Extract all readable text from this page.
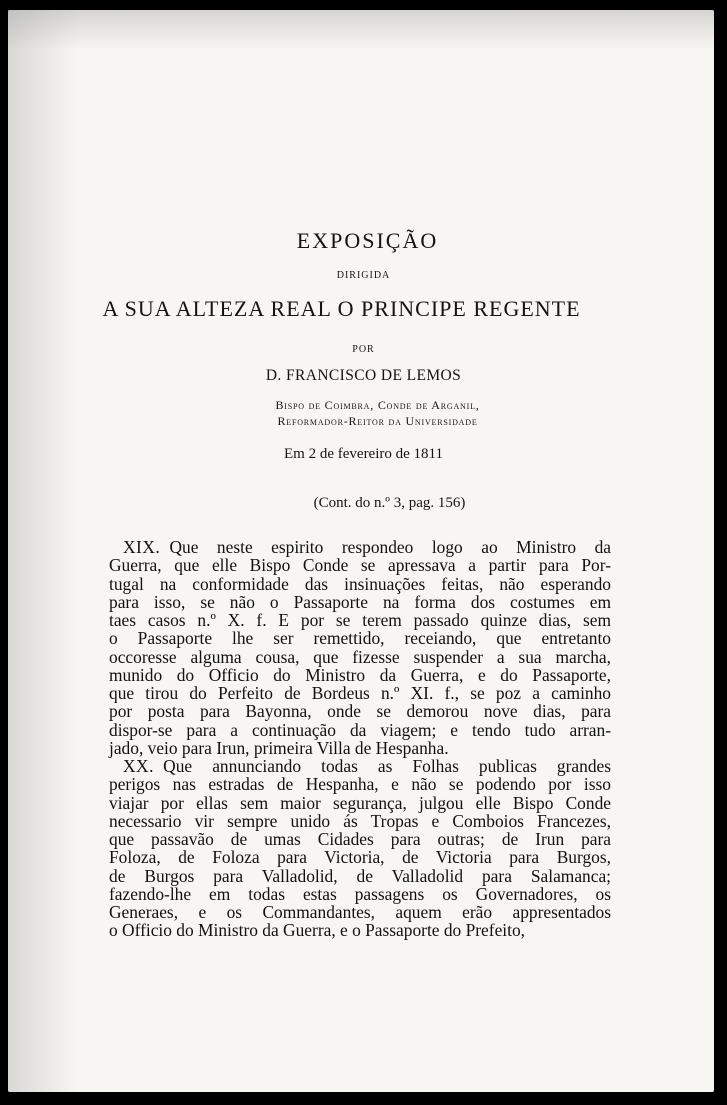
EXPOSIÇÃO
DIRIGIDA
A SUA ALTEZA REAL O PRINCIPE REGENTE
POR
D. FRANCISCO DE LEMOS
Bispo de Coimbra, Conde de Arganil,
Reformador-Reitor da Universidade
Em 2 de fevereiro de 1811
(Cont. do n.º 3, pag. 156)
XIX. Que neste espirito respondeo logo ao Ministro da
Guerra, que elle Bispo Conde se apressava a partir para Por-
tugal na conformidade das insinuações feitas, não esperando
para isso, se não o Passaporte na forma dos costumes em
taes casos n.º X. f. E por se terem passado quinze dias, sem
o Passaporte lhe ser remettido, receiando, que entretanto
occoresse alguma cousa, que fizesse suspender a sua marcha,
munido do Officio do Ministro da Guerra, e do Passaporte,
que tirou do Perfeito de Bordeus n.º XI. f., se poz a caminho
por posta para Bayonna, onde se demorou nove dias, para
dispor-se para a continuação da viagem; e tendo tudo arran-
jado, veio para Irun, primeira Villa de Hespanha.
XX. Que annunciando todas as Folhas publicas grandes
perigos nas estradas de Hespanha, e não se podendo por isso
viajar por ellas sem maior segurança, julgou elle Bispo Conde
necessario vir sempre unido ás Tropas e Comboios Francezes,
que passavão de umas Cidades para outras; de Irun para
Foloza, de Foloza para Victoria, de Victoria para Burgos,
de Burgos para Valladolid, de Valladolid para Salamanca;
fazendo-lhe em todas estas passagens os Governadores, os
Generaes, e os Commandantes, aquem erão appresentados
o Officio do Ministro da Guerra, e o Passaporte do Prefeito,
